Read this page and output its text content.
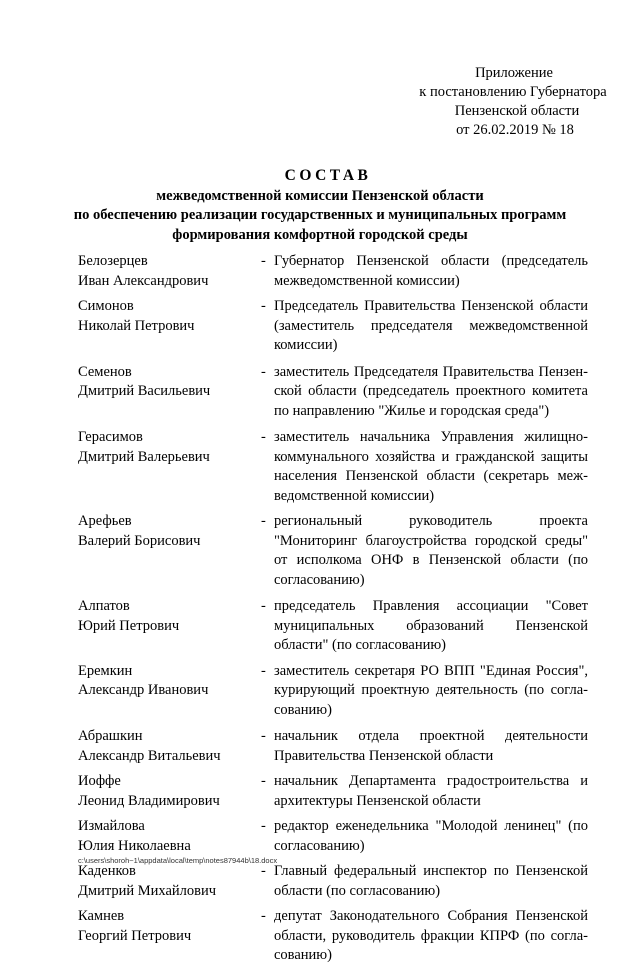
Приложение
к постановлению Губернатора
Пензенской области
от 26.02.2019 № 18
СОСТАВ
межведомственной комиссии Пензенской области
по обеспечению реализации государственных и муниципальных программ
формирования комфортной городской среды
Белозерцев
Иван Александрович
- Губернатор Пензенской области (председатель межведомственной комиссии)
Симонов
Николай Петрович
- Председатель Правительства Пензенской области (заместитель председателя межведомственной комиссии)
Семенов
Дмитрий Васильевич
- заместитель Председателя Правительства Пензенской области (председатель проектного комитета по направлению "Жилье и городская среда")
Герасимов
Дмитрий Валерьевич
- заместитель начальника Управления жилищно-коммунального хозяйства и гражданской защиты населения Пензенской области (секретарь межведомственной комиссии)
Арефьев
Валерий Борисович
- региональный руководитель проекта "Мониторинг благоустройства городской среды" от исполкома ОНФ в Пензенской области (по согласованию)
Алпатов
Юрий Петрович
- председатель Правления ассоциации "Совет муниципальных образований Пензенской области" (по согласованию)
Еремкин
Александр Иванович
- заместитель секретаря РО ВПП "Единая Россия", курирующий проектную деятельность (по согласованию)
Абрашкин
Александр Витальевич
- начальник отдела проектной деятельности Правительства Пензенской области
Иоффе
Леонид Владимирович
- начальник Департамента градостроительства и архитектуры Пензенской области
Измайлова
Юлия Николаевна
- редактор еженедельника "Молодой ленинец" (по согласованию)
Каденков
Дмитрий Михайлович
- Главный федеральный инспектор по Пензенской области (по согласованию)
Камнев
Георгий Петрович
- депутат Законодательного Собрания Пензенской области, руководитель фракции КПРФ (по согласованию)
c:\users\shoroh~1\appdata\local\temp\notes87944b\18.docx
